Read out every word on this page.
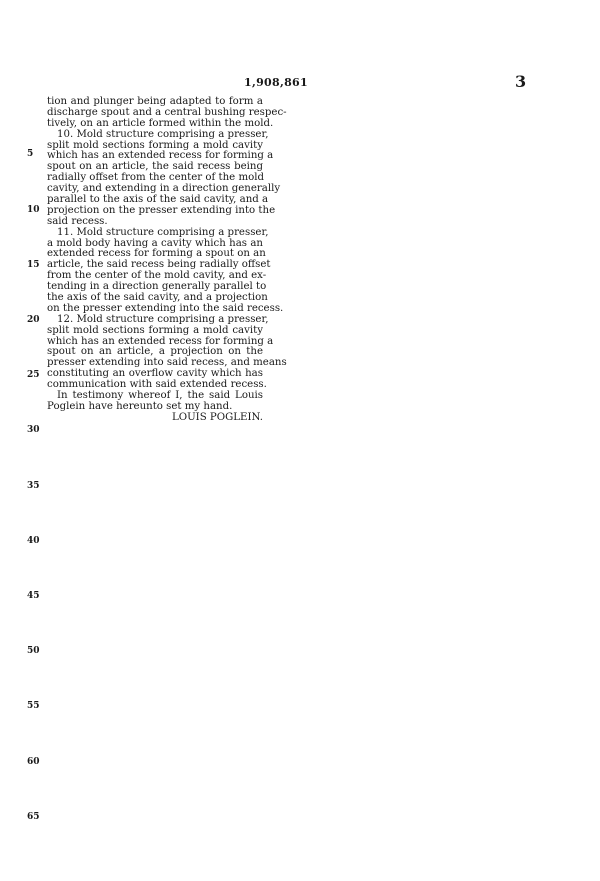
1,908,861	3
tion and plunger being adapted to form a
discharge spout and a central bushing respec-
tively, on an article formed within the mold.
10. Mold structure comprising a presser,
split mold sections forming a mold cavity
which has an extended recess for forming a
spout on an article, the said recess being
radially offset from the center of the mold
cavity, and extending in a direction generally
parallel to the axis of the said cavity, and a
projection on the presser extending into the
said recess.
11. Mold structure comprising a presser,
a mold body having a cavity which has an
extended recess for forming a spout on an
article, the said recess being radially offset
from the center of the mold cavity, and ex-
tending in a direction generally parallel to
the axis of the said cavity, and a projection
on the presser extending into the said recess.
12. Mold structure comprising a presser,
split mold sections forming a mold cavity
which has an extended recess for forming a
spout on an article, a projection on the
presser extending into said recess, and means
constituting an overflow cavity which has
communication with said extended recess.
In testimony whereof I, the said Louis
Poglein have hereunto set my hand.
LOUIS POGLEIN.
5
10
15
20
25
30
35
40
45
50
55
60
65
